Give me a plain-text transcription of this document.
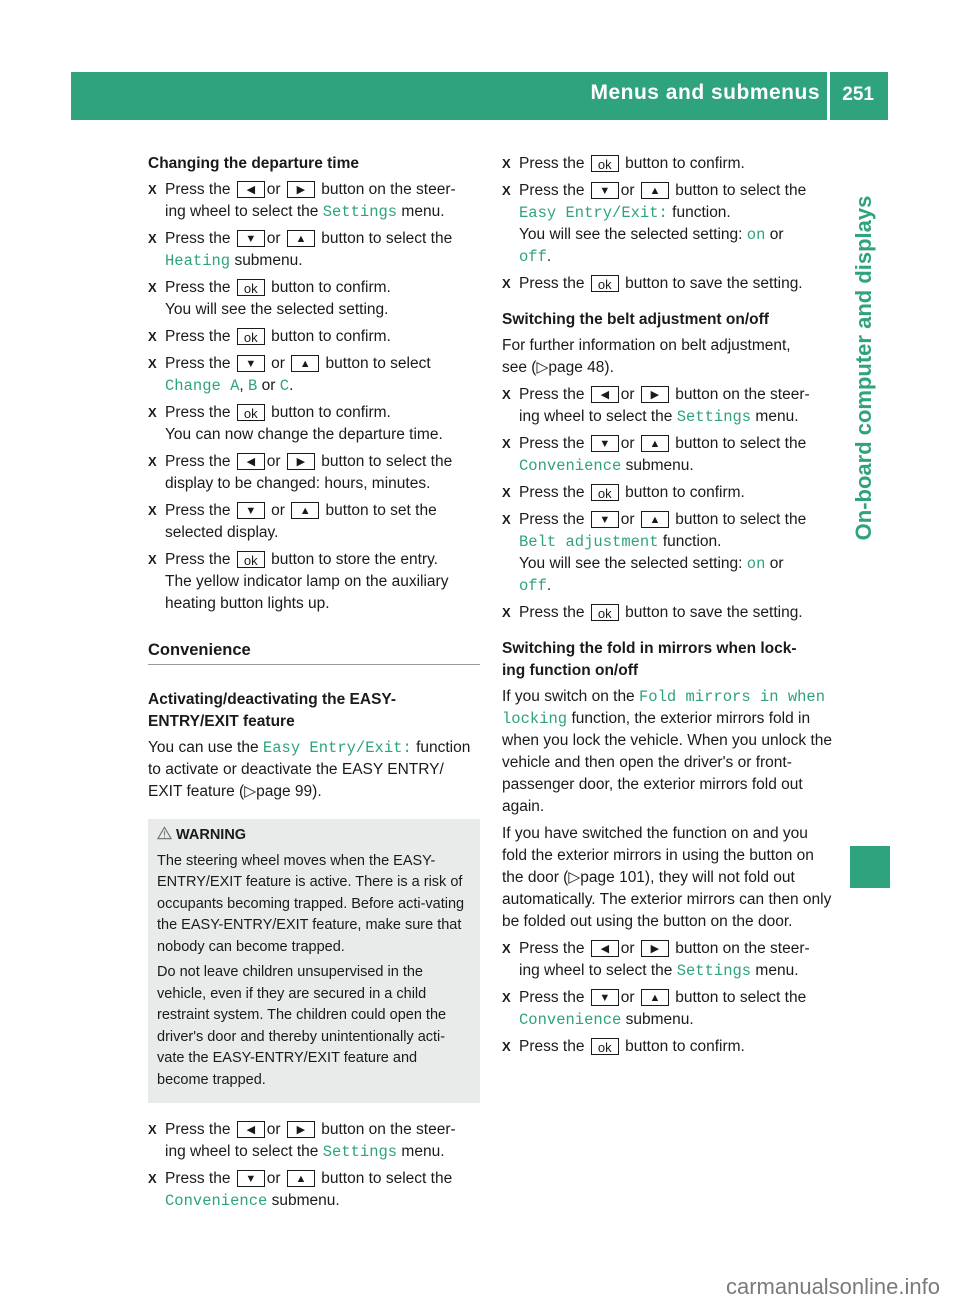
Menus and submenus 251
On-board computer and displays
Changing the departure time
X Press the ◀ or ▶ button on the steer-
ing wheel to select the Settings menu.
X Press the ▼ or ▲ button to select the
Heating submenu.
X Press the ok button to confirm.
You will see the selected setting.
X Press the ok button to confirm.
X Press the ▼ or ▲ button to select
Change A, B or C.
X Press the ok button to confirm.
You can now change the departure time.
X Press the ◀ or ▶ button to select the
display to be changed: hours, minutes.
X Press the ▼ or ▲ button to set the
selected display.
X Press the ok button to store the entry.
The yellow indicator lamp on the auxiliary
heating button lights up.
Convenience
Activating/deactivating the EASY-
ENTRY/EXIT feature
You can use the Easy Entry/Exit: function
to activate or deactivate the EASY ENTRY/
EXIT feature (▷page 99).
WARNING

The steering wheel moves when the EASY-ENTRY/EXIT feature is active. There is a risk of occupants becoming trapped. Before acti-vating the EASY-ENTRY/EXIT feature, make sure that nobody can become trapped.

Do not leave children unsupervised in the vehicle, even if they are secured in a child restraint system. The children could open the driver's door and thereby unintentionally acti-vate the EASY-ENTRY/EXIT feature and become trapped.

X Press the ◀ or ▶ button on the steer-
ing wheel to select the Settings menu.
X Press the ▼ or ▲ button to select the
Convenience submenu.
X Press the ok button to confirm.
X Press the ▼ or ▲ button to select the
Easy Entry/Exit: function.
You will see the selected setting: on or
off.
X Press the ok button to save the setting.
Switching the belt adjustment on/off
For further information on belt adjustment,
see (▷page 48).
X Press the ◀ or ▶ button on the steer-
ing wheel to select the Settings menu.
X Press the ▼ or ▲ button to select the
Convenience submenu.
X Press the ok button to confirm.
X Press the ▼ or ▲ button to select the
Belt adjustment function.
You will see the selected setting: on or
off.
X Press the ok button to save the setting.
Switching the fold in mirrors when lock-
ing function on/off
If you switch on the Fold mirrors in when locking function, the exterior mirrors fold in when you lock the vehicle. When you unlock the vehicle and then open the driver's or front-passenger door, the exterior mirrors fold out again.
If you have switched the function on and you fold the exterior mirrors in using the button on the door (▷page 101), they will not fold out automatically. The exterior mirrors can then only be folded out using the button on the door.
X Press the ◀ or ▶ button on the steer-
ing wheel to select the Settings menu.
X Press the ▼ or ▲ button to select the
Convenience submenu.
X Press the ok button to confirm.
carmanualsonline.info
